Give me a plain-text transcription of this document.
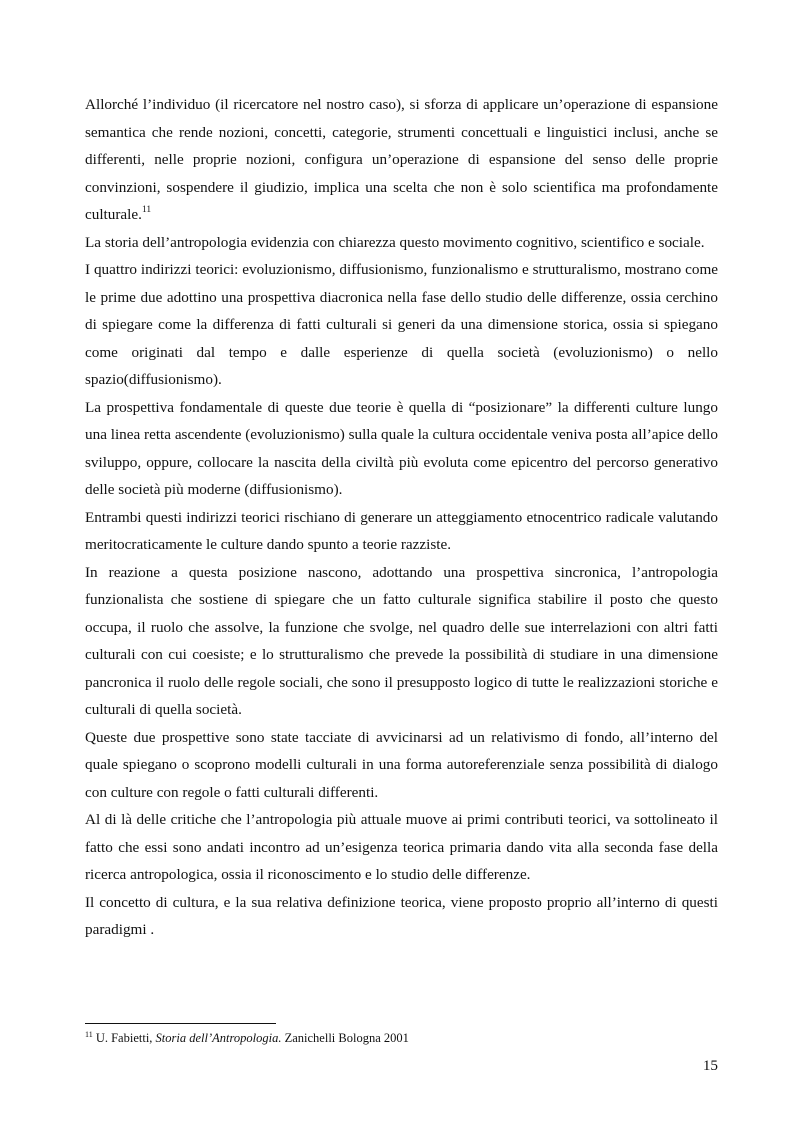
Allorché l’individuo (il ricercatore nel nostro caso), si sforza di applicare un’operazione di espansione semantica che rende nozioni, concetti, categorie, strumenti concettuali e linguistici inclusi, anche se differenti, nelle proprie nozioni, configura un’operazione di espansione del senso delle proprie convinzioni, sospendere il giudizio, implica una scelta che non è solo scientifica ma profondamente culturale.$^{11}$

La storia dell’antropologia evidenzia con chiarezza questo movimento cognitivo, scientifico e sociale.

I quattro indirizzi teorici: evoluzionismo, diffusionismo, funzionalismo e strutturalismo, mostrano come le prime due adottino una prospettiva diacronica nella fase dello studio delle differenze, ossia cerchino di spiegare come la differenza di fatti culturali si generi da una dimensione storica, ossia si spiegano come originati dal tempo e dalle esperienze di quella società (evoluzionismo) o nello spazio(diffusionismo).

La prospettiva fondamentale di queste due teorie è quella di “posizionare” la differenti culture lungo una linea retta ascendente (evoluzionismo) sulla quale la cultura occidentale veniva posta all’apice dello sviluppo, oppure, collocare la nascita della civiltà più evoluta come epicentro del percorso generativo delle società più moderne (diffusionismo).

Entrambi questi indirizzi teorici rischiano di generare un atteggiamento etnocentrico radicale valutando meritocraticamente le culture dando spunto a teorie razziste.

In reazione a questa posizione nascono, adottando una prospettiva sincronica, l’antropologia funzionalista che sostiene di spiegare che un fatto culturale significa stabilire il posto che questo occupa, il ruolo che assolve, la funzione che svolge, nel quadro delle sue interrelazioni con altri fatti culturali con cui coesiste; e lo strutturalismo che prevede la possibilità di studiare in una dimensione pancronica il ruolo delle regole sociali, che sono il presupposto logico di tutte le realizzazioni storiche e culturali di quella società.

Queste due prospettive sono state tacciate di avvicinarsi ad un relativismo di fondo, all’interno del quale spiegano o scoprono modelli culturali in una forma autoreferenziale senza possibilità di dialogo con culture con regole o fatti culturali differenti.

Al di là delle critiche che l’antropologia più attuale muove ai primi contributi teorici, va sottolineato il fatto che essi sono andati incontro ad un’esigenza teorica primaria dando vita alla seconda fase della ricerca antropologica, ossia il riconoscimento e lo studio delle differenze.

Il concetto di cultura, e la sua relativa definizione teorica, viene proposto proprio all’interno di questi paradigmi .

$^{11}$ U. Fabietti, Storia dell’Antropologia. Zanichelli Bologna 2001
15
